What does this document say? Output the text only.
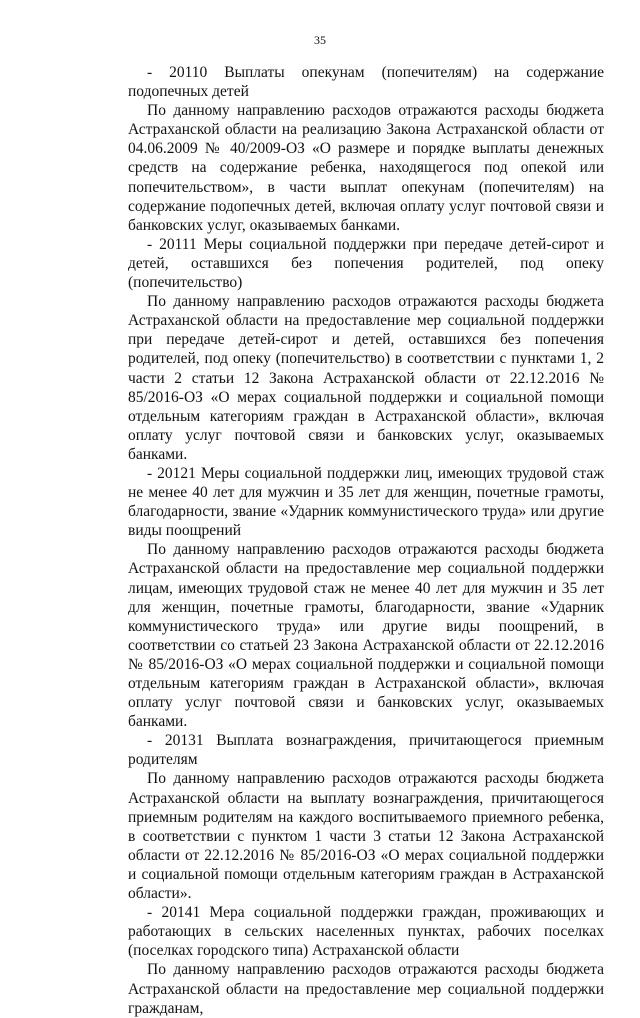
35

- 20110 Выплаты опекунам (попечителям) на содержание подопечных детей

По данному направлению расходов отражаются расходы бюджета Астраханской области на реализацию Закона Астраханской области от 04.06.2009 № 40/2009-ОЗ «О размере и порядке выплаты денежных средств на содержание ребенка, находящегося под опекой или попечительством», в части выплат опекунам (попечителям) на содержание подопечных детей, включая оплату услуг почтовой связи и банковских услуг, оказываемых банками.

- 20111 Меры социальной поддержки при передаче детей-сирот и детей, оставшихся без попечения родителей, под опеку (попечительство)

По данному направлению расходов отражаются расходы бюджета Астраханской области на предоставление мер социальной поддержки при передаче детей-сирот и детей, оставшихся без попечения родителей, под опеку (попечительство) в соответствии с пунктами 1, 2 части 2 статьи 12 Закона Астраханской области от 22.12.2016 № 85/2016-ОЗ «О мерах социальной поддержки и социальной помощи отдельным категориям граждан в Астраханской области», включая оплату услуг почтовой связи и банковских услуг, оказываемых банками.

- 20121 Меры социальной поддержки лиц, имеющих трудовой стаж не менее 40 лет для мужчин и 35 лет для женщин, почетные грамоты, благодарности, звание «Ударник коммунистического труда» или другие виды поощрений

По данному направлению расходов отражаются расходы бюджета Астраханской области на предоставление мер социальной поддержки лицам, имеющих трудовой стаж не менее 40 лет для мужчин и 35 лет для женщин, почетные грамоты, благодарности, звание «Ударник коммунистического труда» или другие виды поощрений, в соответствии со статьей 23 Закона Астраханской области от 22.12.2016 № 85/2016-ОЗ «О мерах социальной поддержки и социальной помощи отдельным категориям граждан в Астраханской области», включая оплату услуг почтовой связи и банковских услуг, оказываемых банками.

- 20131 Выплата вознаграждения, причитающегося приемным родителям

По данному направлению расходов отражаются расходы бюджета Астраханской области на выплату вознаграждения, причитающегося приемным родителям на каждого воспитываемого приемного ребенка, в соответствии с пунктом 1 части 3 статьи 12 Закона Астраханской области от 22.12.2016 № 85/2016-ОЗ «О мерах социальной поддержки и социальной помощи отдельным категориям граждан в Астраханской области».

- 20141 Мера социальной поддержки граждан, проживающих и работающих в сельских населенных пунктах, рабочих поселках (поселках городского типа) Астраханской области

По данному направлению расходов отражаются расходы бюджета Астраханской области на предоставление мер социальной поддержки гражданам,
